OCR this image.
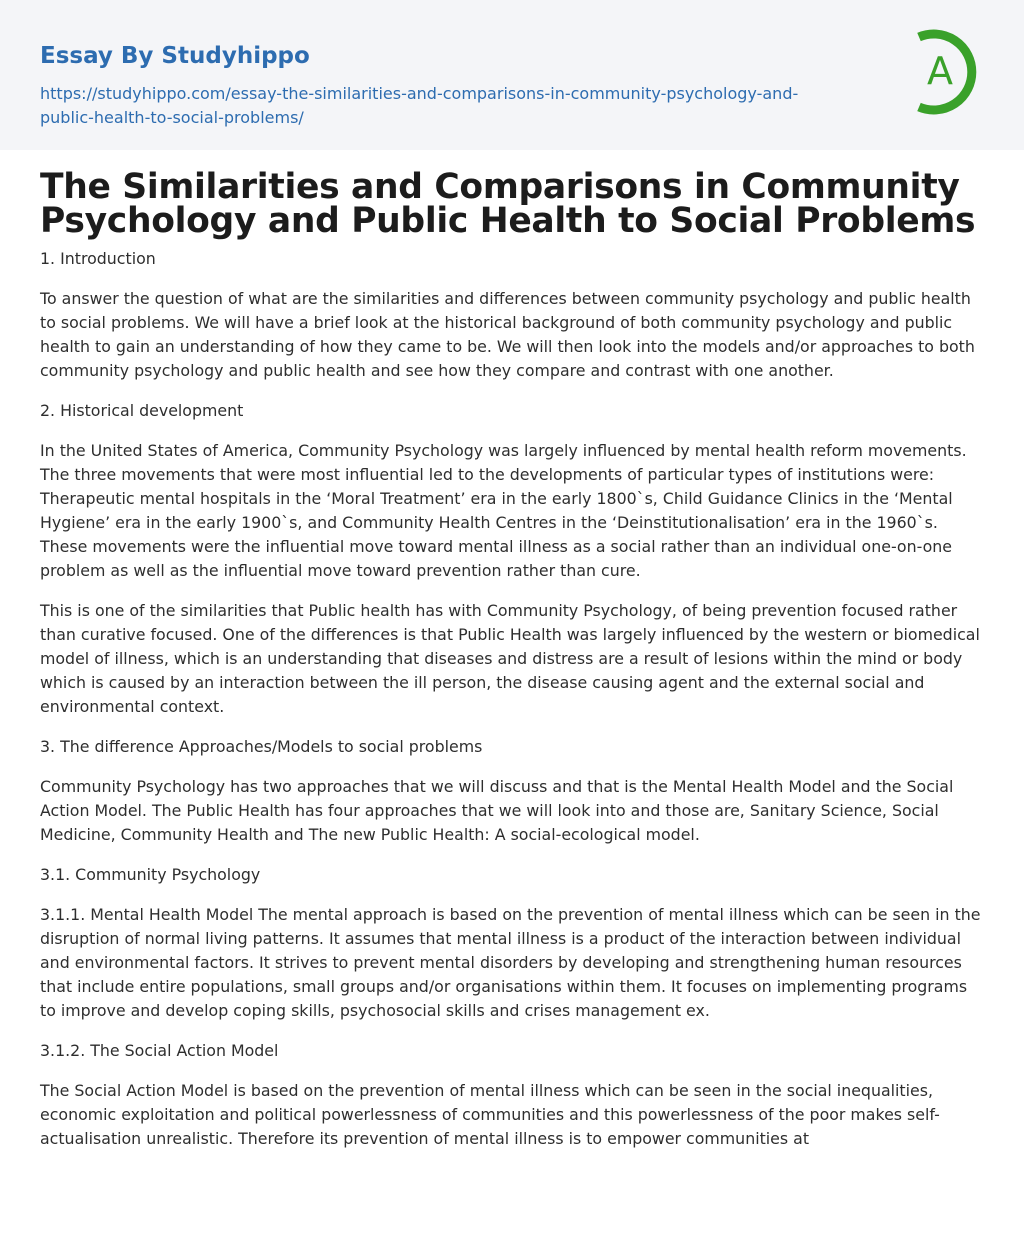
Essay By Studyhippo
https://studyhippo.com/essay-the-similarities-and-comparisons-in-community-psychology-and-public-health-to-social-problems/
A
The Similarities and Comparisons in Community Psychology and Public Health to Social Problems

1. Introduction

To answer the question of what are the similarities and differences between community psychology and public health to social problems. We will have a brief look at the historical background of both community psychology and public health to gain an understanding of how they came to be. We will then look into the models and/or approaches to both community psychology and public health and see how they compare and contrast with one another.

2. Historical development

In the United States of America, Community Psychology was largely influenced by mental health reform movements. The three movements that were most influential led to the developments of particular types of institutions were: Therapeutic mental hospitals in the ‘Moral Treatment’ era in the early 1800`s, Child Guidance Clinics in the ‘Mental Hygiene’ era in the early 1900`s, and Community Health Centres in the ‘Deinstitutionalisation’ era in the 1960`s. These movements were the influential move toward mental illness as a social rather than an individual one-on-one problem as well as the influential move toward prevention rather than cure.

This is one of the similarities that Public health has with Community Psychology, of being prevention focused rather than curative focused. One of the differences is that Public Health was largely influenced by the western or biomedical model of illness, which is an understanding that diseases and distress are a result of lesions within the mind or body which is caused by an interaction between the ill person, the disease causing agent and the external social and environmental context.

3. The difference Approaches/Models to social problems

Community Psychology has two approaches that we will discuss and that is the Mental Health Model and the Social Action Model. The Public Health has four approaches that we will look into and those are, Sanitary Science, Social Medicine, Community Health and The new Public Health: A social-ecological model.

3.1. Community Psychology

3.1.1. Mental Health Model The mental approach is based on the prevention of mental illness which can be seen in the disruption of normal living patterns. It assumes that mental illness is a product of the interaction between individual and environmental factors. It strives to prevent mental disorders by developing and strengthening human resources that include entire populations, small groups and/or organisations within them. It focuses on implementing programs to improve and develop coping skills, psychosocial skills and crises management ex.

3.1.2. The Social Action Model

The Social Action Model is based on the prevention of mental illness which can be seen in the social inequalities, economic exploitation and political powerlessness of communities and this powerlessness of the poor makes self-actualisation unrealistic. Therefore its prevention of mental illness is to empower communities at
